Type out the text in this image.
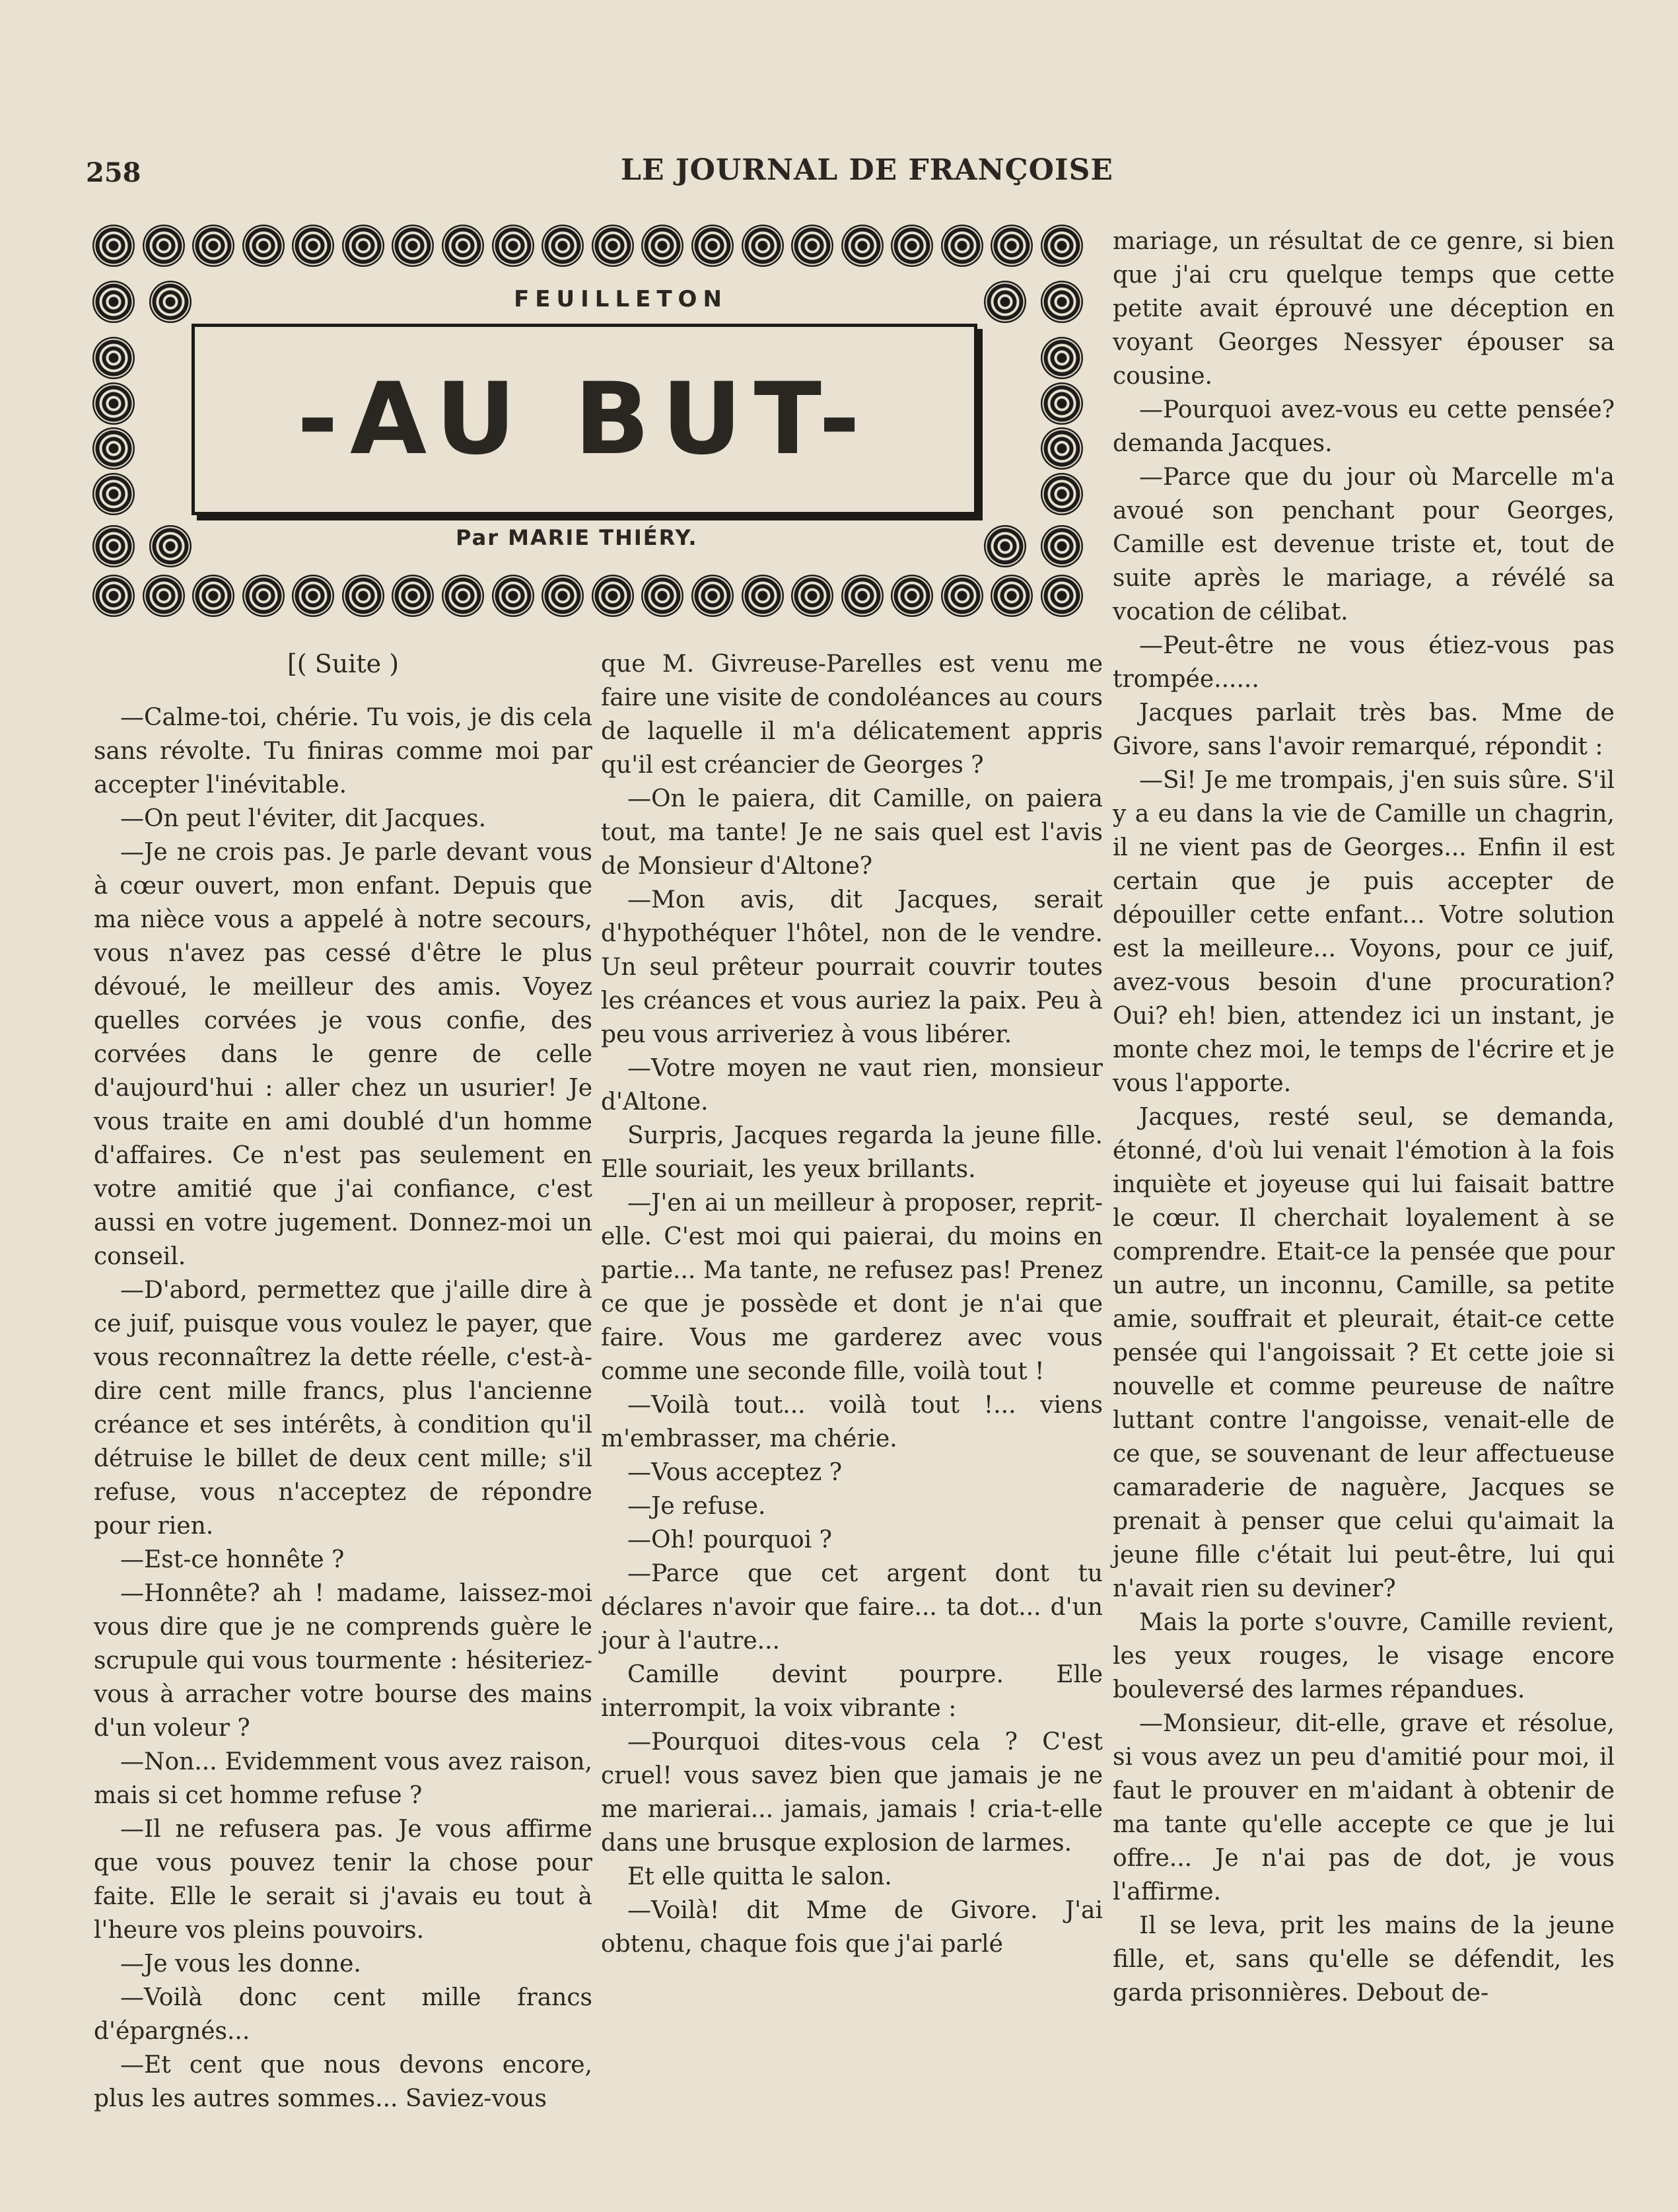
258	LE JOURNAL DE FRANÇOISE
FEUILLETON
-AU BUT-
Par MARIE THIÉRY.
[( Suite )

—Calme-toi, chérie. Tu vois, je dis cela sans révolte. Tu finiras comme moi par accepter l'inévitable.

—On peut l'éviter, dit Jacques.

—Je ne crois pas. Je parle devant vous à cœur ouvert, mon enfant. Depuis que ma nièce vous a appelé à notre secours, vous n'avez pas cessé d'être le plus dévoué, le meilleur des amis. Voyez quelles corvées je vous confie, des corvées dans le genre de celle d'aujourd'hui : aller chez un usurier! Je vous traite en ami doublé d'un homme d'affaires. Ce n'est pas seulement en votre amitié que j'ai confiance, c'est aussi en votre jugement. Donnez-moi un conseil.

—D'abord, permettez que j'aille dire à ce juif, puisque vous voulez le payer, que vous reconnaîtrez la dette réelle, c'est-à-dire cent mille francs, plus l'ancienne créance et ses intérêts, à condition qu'il détruise le billet de deux cent mille; s'il refuse, vous n'acceptez de répondre pour rien.

—Est-ce honnête ?

—Honnête? ah ! madame, laissez-moi vous dire que je ne comprends guère le scrupule qui vous tourmente : hésiteriez-vous à arracher votre bourse des mains d'un voleur ?

—Non... Evidemment vous avez raison, mais si cet homme refuse ?

—Il ne refusera pas. Je vous affirme que vous pouvez tenir la chose pour faite. Elle le serait si j'avais eu tout à l'heure vos pleins pouvoirs.

—Je vous les donne.

—Voilà donc cent mille francs d'épargnés...

—Et cent que nous devons encore, plus les autres sommes... Saviez-vous

que M. Givreuse-Parelles est venu me faire une visite de condoléances au cours de laquelle il m'a délicatement appris qu'il est créancier de Georges ?

—On le paiera, dit Camille, on paiera tout, ma tante! Je ne sais quel est l'avis de Monsieur d'Altone?

—Mon avis, dit Jacques, serait d'hypothéquer l'hôtel, non de le vendre. Un seul prêteur pourrait couvrir toutes les créances et vous auriez la paix. Peu à peu vous arriveriez à vous libérer.

—Votre moyen ne vaut rien, monsieur d'Altone.

Surpris, Jacques regarda la jeune fille. Elle souriait, les yeux brillants.

—J'en ai un meilleur à proposer, reprit-elle. C'est moi qui paierai, du moins en partie... Ma tante, ne refusez pas! Prenez ce que je possède et dont je n'ai que faire. Vous me garderez avec vous comme une seconde fille, voilà tout !

—Voilà tout... voilà tout !... viens m'embrasser, ma chérie.

—Vous acceptez ?

—Je refuse.

—Oh! pourquoi ?

—Parce que cet argent dont tu déclares n'avoir que faire... ta dot... d'un jour à l'autre...

Camille devint pourpre. Elle interrompit, la voix vibrante :

—Pourquoi dites-vous cela ? C'est cruel! vous savez bien que jamais je ne me marierai... jamais, jamais ! cria-t-elle dans une brusque explosion de larmes.

Et elle quitta le salon.

—Voilà! dit Mme de Givore. J'ai obtenu, chaque fois que j'ai parlé

mariage, un résultat de ce genre, si bien que j'ai cru quelque temps que cette petite avait éprouvé une déception en voyant Georges Nessyer épouser sa cousine.

—Pourquoi avez-vous eu cette pensée? demanda Jacques.

—Parce que du jour où Marcelle m'a avoué son penchant pour Georges, Camille est devenue triste et, tout de suite après le mariage, a révélé sa vocation de célibat.

—Peut-être ne vous étiez-vous pas trompée......

Jacques parlait très bas. Mme de Givore, sans l'avoir remarqué, répondit :

—Si! Je me trompais, j'en suis sûre. S'il y a eu dans la vie de Camille un chagrin, il ne vient pas de Georges... Enfin il est certain que je puis accepter de dépouiller cette enfant... Votre solution est la meilleure... Voyons, pour ce juif, avez-vous besoin d'une procuration? Oui? eh! bien, attendez ici un instant, je monte chez moi, le temps de l'écrire et je vous l'apporte.

Jacques, resté seul, se demanda, étonné, d'où lui venait l'émotion à la fois inquiète et joyeuse qui lui faisait battre le cœur. Il cherchait loyalement à se comprendre. Etait-ce la pensée que pour un autre, un inconnu, Camille, sa petite amie, souffrait et pleurait, était-ce cette pensée qui l'angoissait ? Et cette joie si nouvelle et comme peureuse de naître luttant contre l'angoisse, venait-elle de ce que, se souvenant de leur affectueuse camaraderie de naguère, Jacques se prenait à penser que celui qu'aimait la jeune fille c'était lui peut-être, lui qui n'avait rien su deviner?

Mais la porte s'ouvre, Camille revient, les yeux rouges, le visage encore bouleversé des larmes répandues.

—Monsieur, dit-elle, grave et résolue, si vous avez un peu d'amitié pour moi, il faut le prouver en m'aidant à obtenir de ma tante qu'elle accepte ce que je lui offre... Je n'ai pas de dot, je vous l'affirme.

Il se leva, prit les mains de la jeune fille, et, sans qu'elle se défendit, les garda prisonnières. Debout de-
